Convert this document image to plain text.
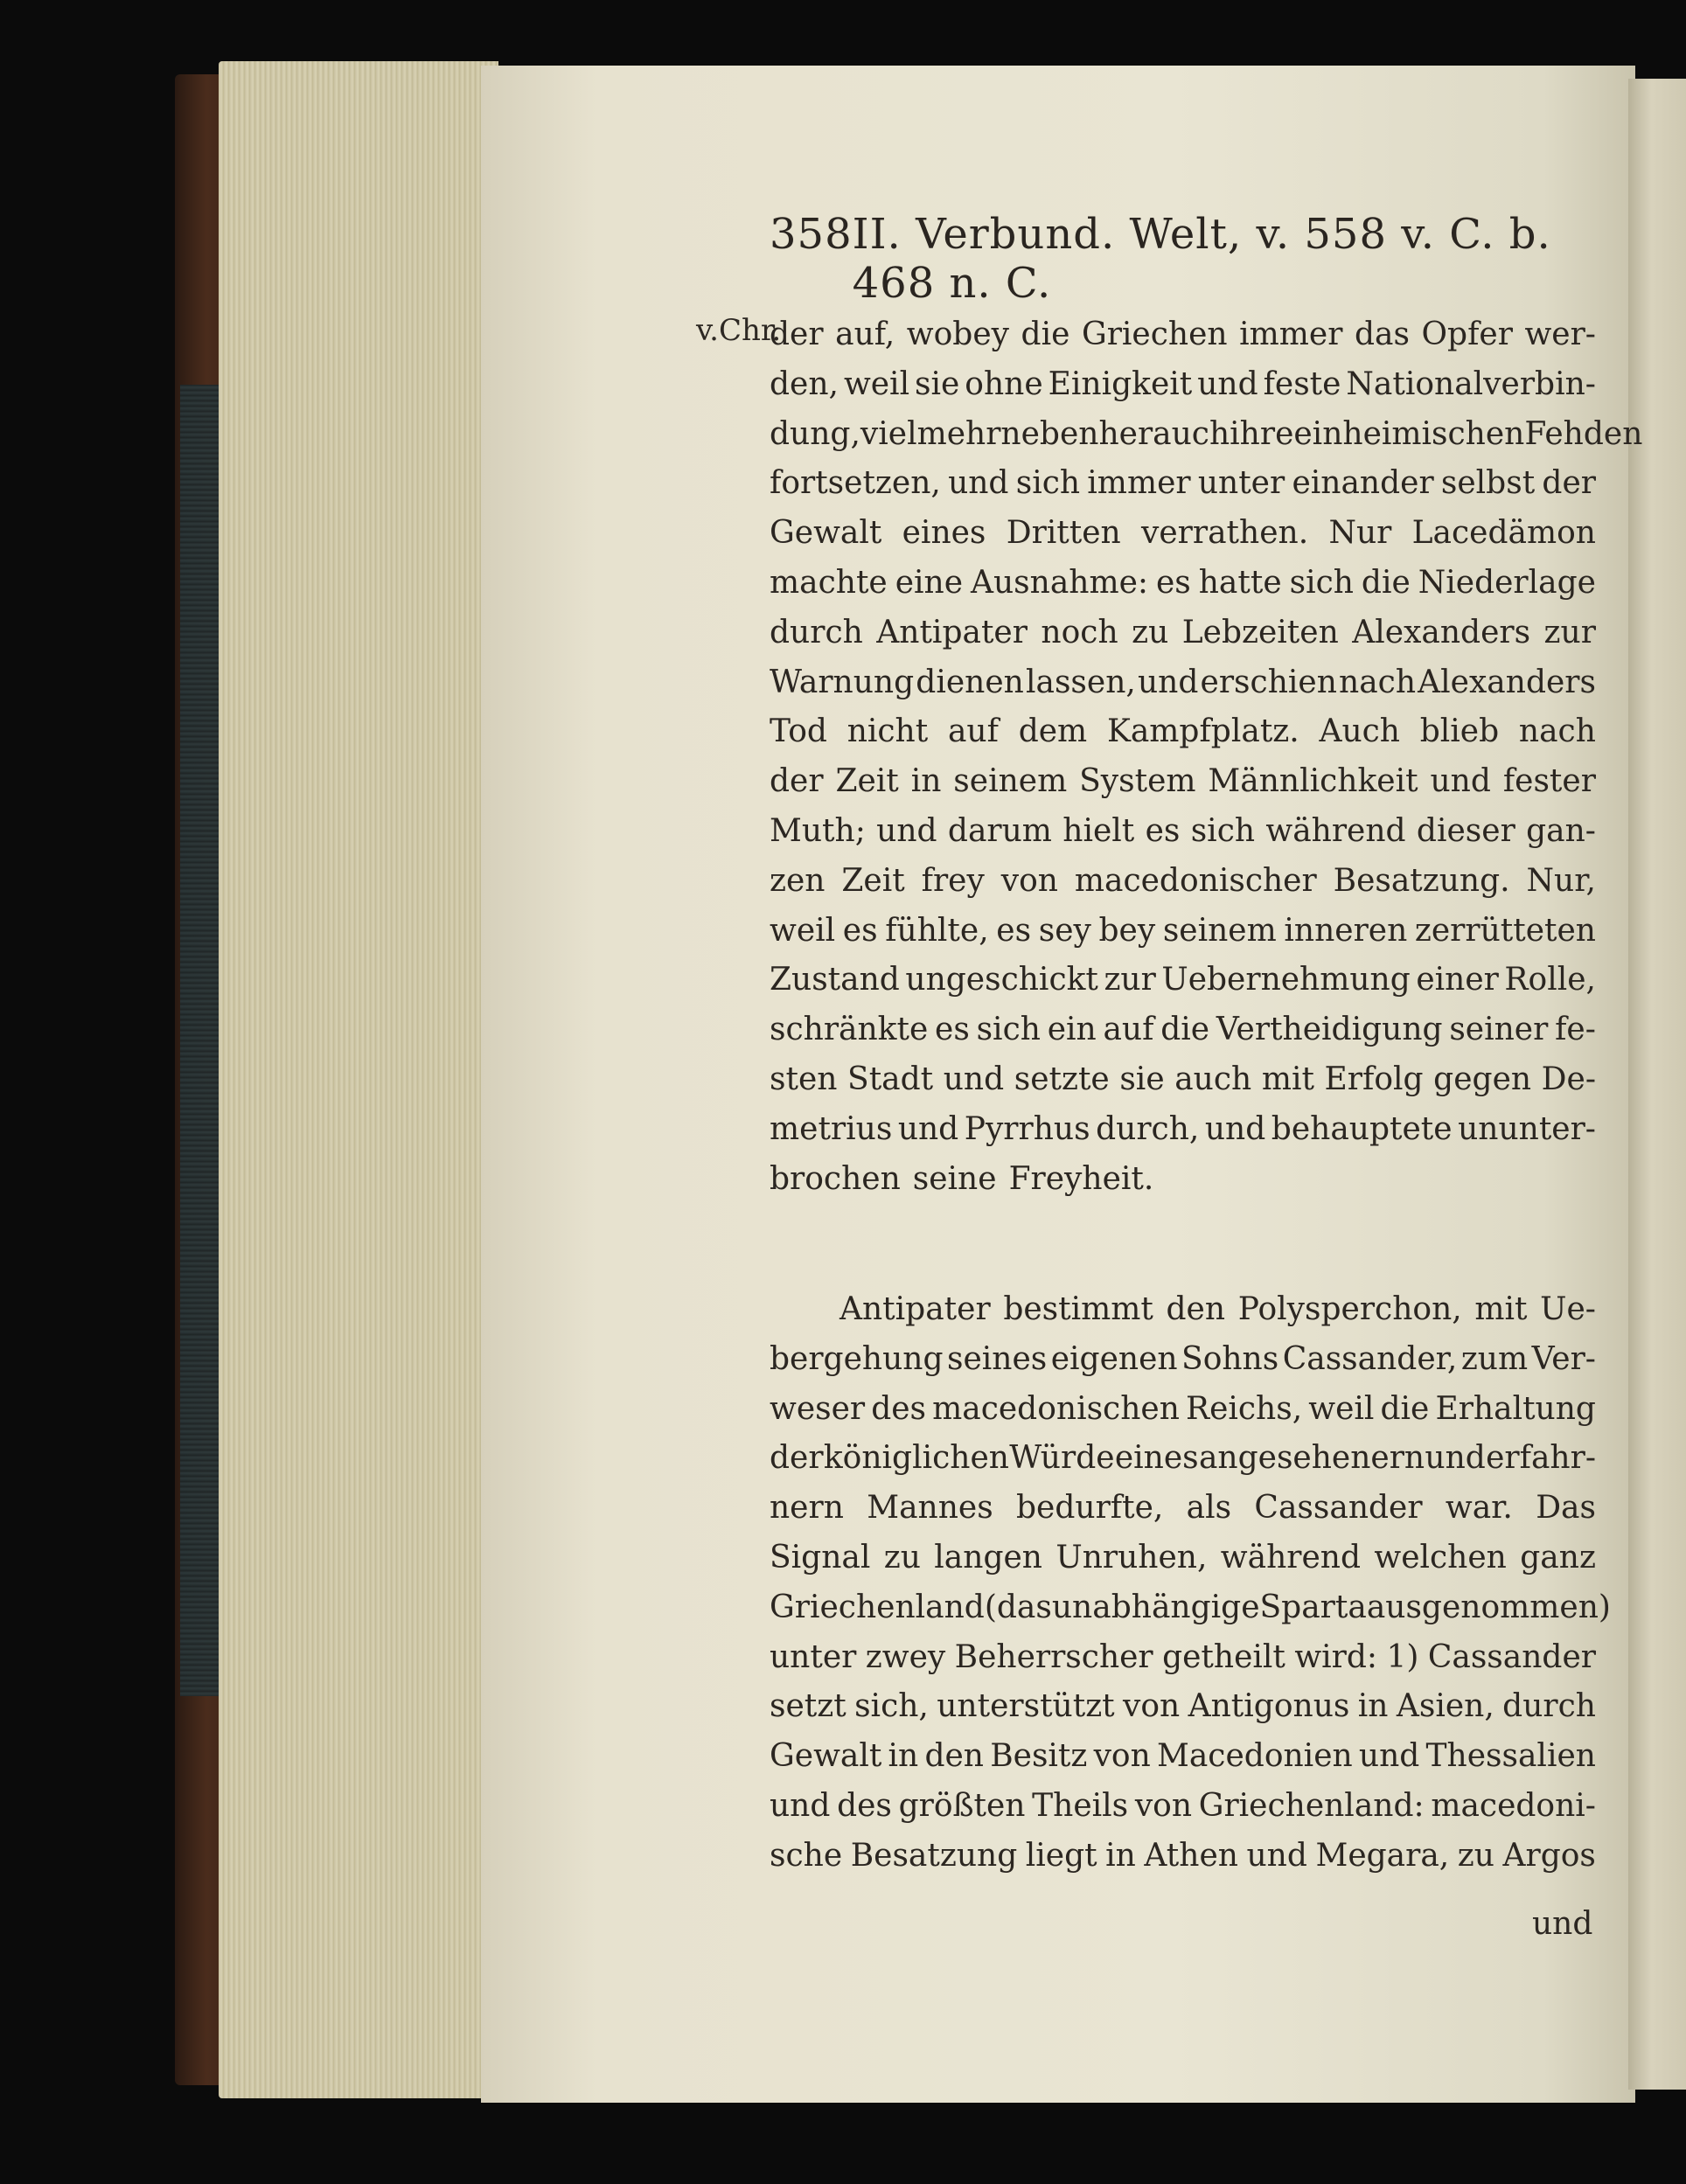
358 II. Verbund. Welt, v. 558 v. C. b. 468 n. C.
v.Chr.
der auf, wobey die Griechen immer das Opfer wer-
den, weil sie ohne Einigkeit und feste Nationalverbin-
dung, vielmehr nebenher auch ihre einheimischen Fehden
fortsetzen, und sich immer unter einander selbst der
Gewalt eines Dritten verrathen. Nur Lacedämon
machte eine Ausnahme: es hatte sich die Niederlage
durch Antipater noch zu Lebzeiten Alexanders zur
Warnung dienen lassen, und erschien nach Alexanders
Tod nicht auf dem Kampfplatz. Auch blieb nach
der Zeit in seinem System Männlichkeit und fester
Muth; und darum hielt es sich während dieser gan-
zen Zeit frey von macedonischer Besatzung. Nur,
weil es fühlte, es sey bey seinem inneren zerrütteten
Zustand ungeschickt zur Uebernehmung einer Rolle,
schränkte es sich ein auf die Vertheidigung seiner fe-
sten Stadt und setzte sie auch mit Erfolg gegen De-
metrius und Pyrrhus durch, und behauptete ununter-
brochen seine Freyheit.
Antipater bestimmt den Polysperchon, mit Ue-
bergehung seines eigenen Sohns Cassander, zum Ver-
weser des macedonischen Reichs, weil die Erhaltung
der königlichen Würde eines angesehenern und erfahr-
nern Mannes bedurfte, als Cassander war. Das
Signal zu langen Unruhen, während welchen ganz
Griechenland (das unabhängige Sparta ausgenommen)
unter zwey Beherrscher getheilt wird: 1) Cassander
setzt sich, unterstützt von Antigonus in Asien, durch
Gewalt in den Besitz von Macedonien und Thessalien
und des größten Theils von Griechenland: macedoni-
sche Besatzung liegt in Athen und Megara, zu Argos
und
